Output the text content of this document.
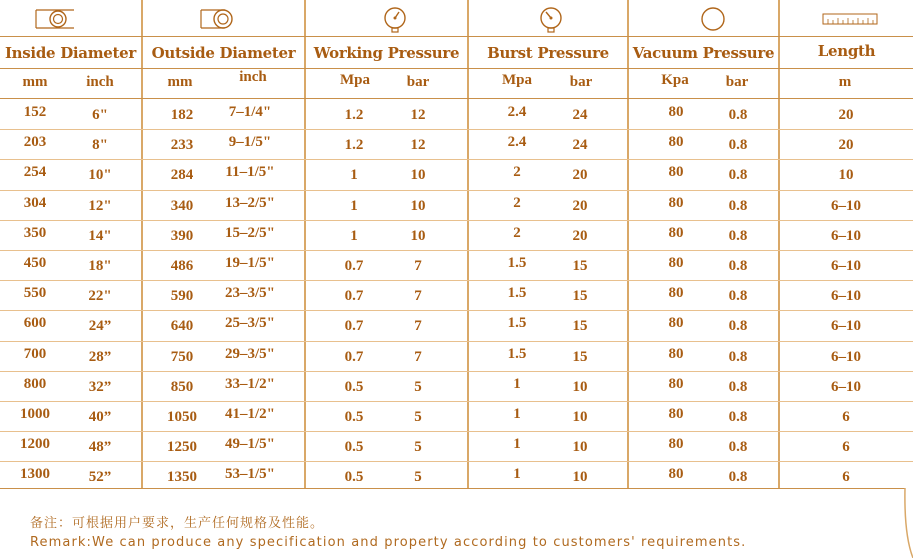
Inside Diameter	Outside Diameter	Working Pressure	Burst Pressure	Vacuum Pressure	Length
mm	inch	mm	inch	Mpa	bar	Mpa	bar	Kpa	bar	m
152	6"	182	7–1/4"	1.2	12	2.4	24	80	0.8	20
203	8"	233	9–1/5"	1.2	12	2.4	24	80	0.8	20
254	10"	284	11–1/5"	1	10	2	20	80	0.8	10
304	12"	340	13–2/5"	1	10	2	20	80	0.8	6–10
350	14"	390	15–2/5"	1	10	2	20	80	0.8	6–10
450	18"	486	19–1/5"	0.7	7	1.5	15	80	0.8	6–10
550	22"	590	23–3/5"	0.7	7	1.5	15	80	0.8	6–10
600	24”	640	25–3/5"	0.7	7	1.5	15	80	0.8	6–10
700	28”	750	29–3/5"	0.7	7	1.5	15	80	0.8	6–10
800	32”	850	33–1/2"	0.5	5	1	10	80	0.8	6–10
1000	40”	1050	41–1/2"	0.5	5	1	10	80	0.8	6
1200	48”	1250	49–1/5"	0.5	5	1	10	80	0.8	6
1300	52”	1350	53–1/5"	0.5	5	1	10	80	0.8	6
备注：可根据用户要求，生产任何规格及性能。
Remark:We can produce any specification and property according to customers' requirements.
